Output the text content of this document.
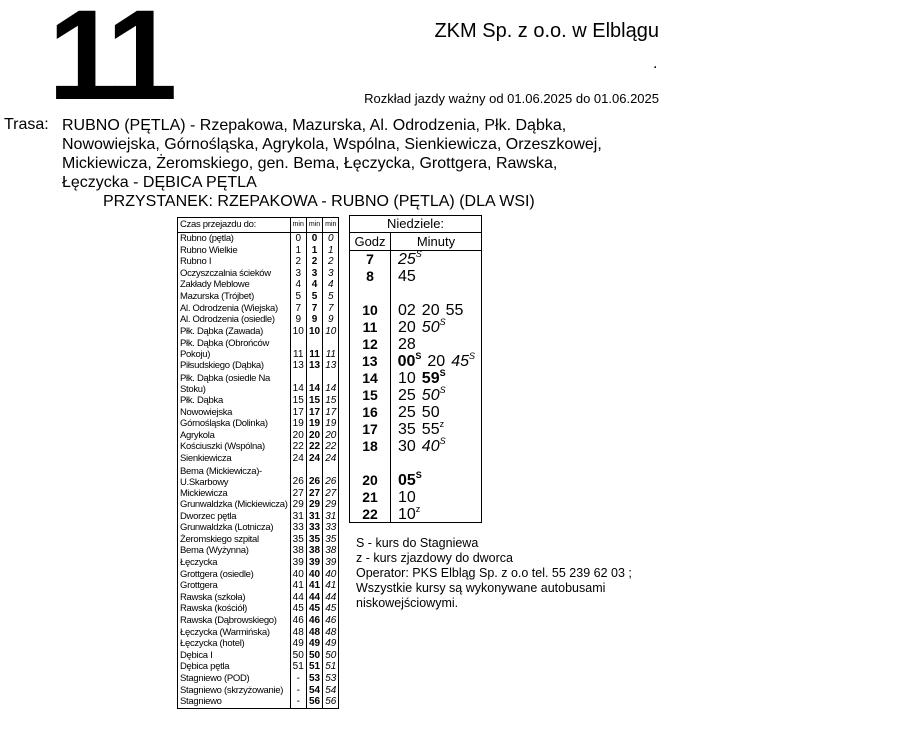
11	ZKM Sp. z o.o. w Elblągu
.
Rozkład jazdy ważny od 01.06.2025 do 01.06.2025
Trasa: RUBNO (PĘTLA) - Rzepakowa, Mazurska, Al. Odrodzenia, Płk. Dąbka,
Nowowiejska, Górnośląska, Agrykola, Wspólna, Sienkiewicza, Orzeszkowej,
Mickiewicza, Żeromskiego, gen. Bema, Łęczycka, Grottgera, Rawska,
Łęczycka - DĘBICA PĘTLA
PRZYSTANEK: RZEPAKOWA - RUBNO (PĘTLA) (DLA WSI)
Czas przejazdu do:	min	min	min
Rubno (pętla)	0	0	0
Rubno Wielkie	1	1	1
Rubno I	2	2	2
Oczyszczalnia ścieków	3	3	3
Zakłady Meblowe	4	4	4
Mazurska (Trójbet)	5	5	5
Al. Odrodzenia (Wiejska)	7	7	7
Al. Odrodzenia (osiedle)	9	9	9
Płk. Dąbka (Zawada)	10	10	10
Płk. Dąbka (Obrońców Pokoju)	11	11	11
Piłsudskiego (Dąbka)	13	13	13
Płk. Dąbka (osiedle Na Stoku)	14	14	14
Płk. Dąbka	15	15	15
Nowowiejska	17	17	17
Górnośląska (Dolinka)	19	19	19
Agrykola	20	20	20
Kościuszki (Wspólna)	22	22	22
Sienkiewicza	24	24	24
Bema (Mickiewicza)-U.Skarbowy	26	26	26
Mickiewicza	27	27	27
Grunwaldzka (Mickiewicza)	29	29	29
Dworzec pętla	31	31	31
Grunwaldzka (Lotnicza)	33	33	33
Żeromskiego szpital	35	35	35
Bema (Wyżynna)	38	38	38
Łęczycka	39	39	39
Grottgera (osiedle)	40	40	40
Grottgera	41	41	41
Rawska (szkoła)	44	44	44
Rawska (kościół)	45	45	45
Rawska (Dąbrowskiego)	46	46	46
Łęczycka (Warmińska)	48	48	48
Łęczycka (hotel)	49	49	49
Dębica I	50	50	50
Dębica pętla	51	51	51
Stagniewo (POD)	-	53	53
Stagniewo (skrzyżowanie)	-	54	54
Stagniewo	-	56	56
Niedziele:
Godz	Minuty
7	$25^S$
8	45
10	02 20 55
11	20 $50^S$
12	28
13	$00^S$ 20 $45^S$
14	10 $59^S$
15	25 $50^S$
16	25 50
17	35 55$^z$
18	30 $40^S$
20	$05^S$
21	10
22	10$^z$
S - kurs do Stagniewa
z - kurs zjazdowy do dworca
Operator: PKS Elbląg Sp. z o.o tel. 55 239 62 03 ;
Wszystkie kursy są wykonywane autobusami
niskowejściowymi.
